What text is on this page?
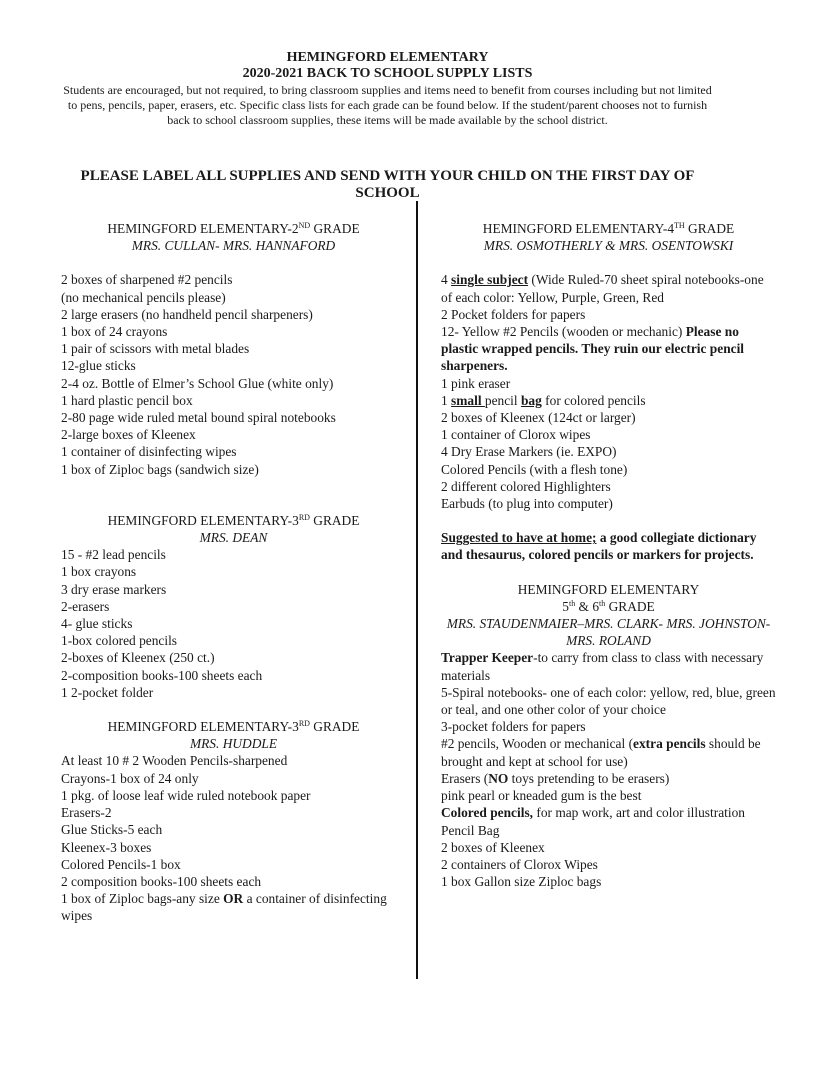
HEMINGFORD ELEMENTARY
2020-2021 BACK TO SCHOOL SUPPLY LISTS
Students are encouraged, but not required, to bring classroom supplies and items need to benefit from courses including but not limited to pens, pencils, paper, erasers, etc. Specific class lists for each grade can be found below. If the student/parent chooses not to furnish back to school classroom supplies, these items will be made available by the school district.
PLEASE LABEL ALL SUPPLIES AND SEND WITH YOUR CHILD ON THE FIRST DAY OF SCHOOL
HEMINGFORD ELEMENTARY-2ND GRADE
MRS. CULLAN- MRS. HANNAFORD
2 boxes of sharpened #2 pencils
(no mechanical pencils please)
2 large erasers (no handheld pencil sharpeners)
1 box of 24 crayons
1 pair of scissors with metal blades
12-glue sticks
2-4 oz. Bottle of Elmer’s School Glue (white only)
1 hard plastic pencil box
2-80 page wide ruled metal bound spiral notebooks
2-large boxes of Kleenex
1 container of disinfecting wipes
1 box of Ziploc bags (sandwich size)
HEMINGFORD ELEMENTARY-3RD GRADE
MRS. DEAN
15 - #2 lead pencils
1 box crayons
3 dry erase markers
2-erasers
4- glue sticks
1-box colored pencils
2-boxes of Kleenex (250 ct.)
2-composition books-100 sheets each
1 2-pocket folder
HEMINGFORD ELEMENTARY-3RD GRADE
MRS. HUDDLE
At least 10 # 2 Wooden Pencils-sharpened
Crayons-1 box of 24 only
1 pkg. of loose leaf wide ruled notebook paper
Erasers-2
Glue Sticks-5 each
Kleenex-3 boxes
Colored Pencils-1 box
2 composition books-100 sheets each
1 box of Ziploc bags-any size OR a container of disinfecting wipes
HEMINGFORD ELEMENTARY-4TH GRADE
MRS. OSMOTHERLY & MRS. OSENTOWSKI
4 single subject (Wide Ruled-70 sheet spiral notebooks-one of each color: Yellow, Purple, Green, Red
2 Pocket folders for papers
12- Yellow #2 Pencils (wooden or mechanic) Please no plastic wrapped pencils. They ruin our electric pencil sharpeners.
1 pink eraser
1 small pencil bag for colored pencils
2 boxes of Kleenex (124ct or larger)
1 container of Clorox wipes
4 Dry Erase Markers (ie. EXPO)
Colored Pencils (with a flesh tone)
2 different colored Highlighters
Earbuds (to plug into computer)
Suggested to have at home; a good collegiate dictionary and thesaurus, colored pencils or markers for projects.
HEMINGFORD ELEMENTARY
5th & 6th GRADE
MRS. STAUDENMAIER–MRS. CLARK- MRS. JOHNSTON-MRS. ROLAND
Trapper Keeper-to carry from class to class with necessary materials
5-Spiral notebooks- one of each color: yellow, red, blue, green or teal, and one other color of your choice
3-pocket folders for papers
#2 pencils, Wooden or mechanical (extra pencils should be brought and kept at school for use)
Erasers (NO toys pretending to be erasers)
pink pearl or kneaded gum is the best
Colored pencils, for map work, art and color illustration
Pencil Bag
2 boxes of Kleenex
2 containers of Clorox Wipes
1 box Gallon size Ziploc bags
